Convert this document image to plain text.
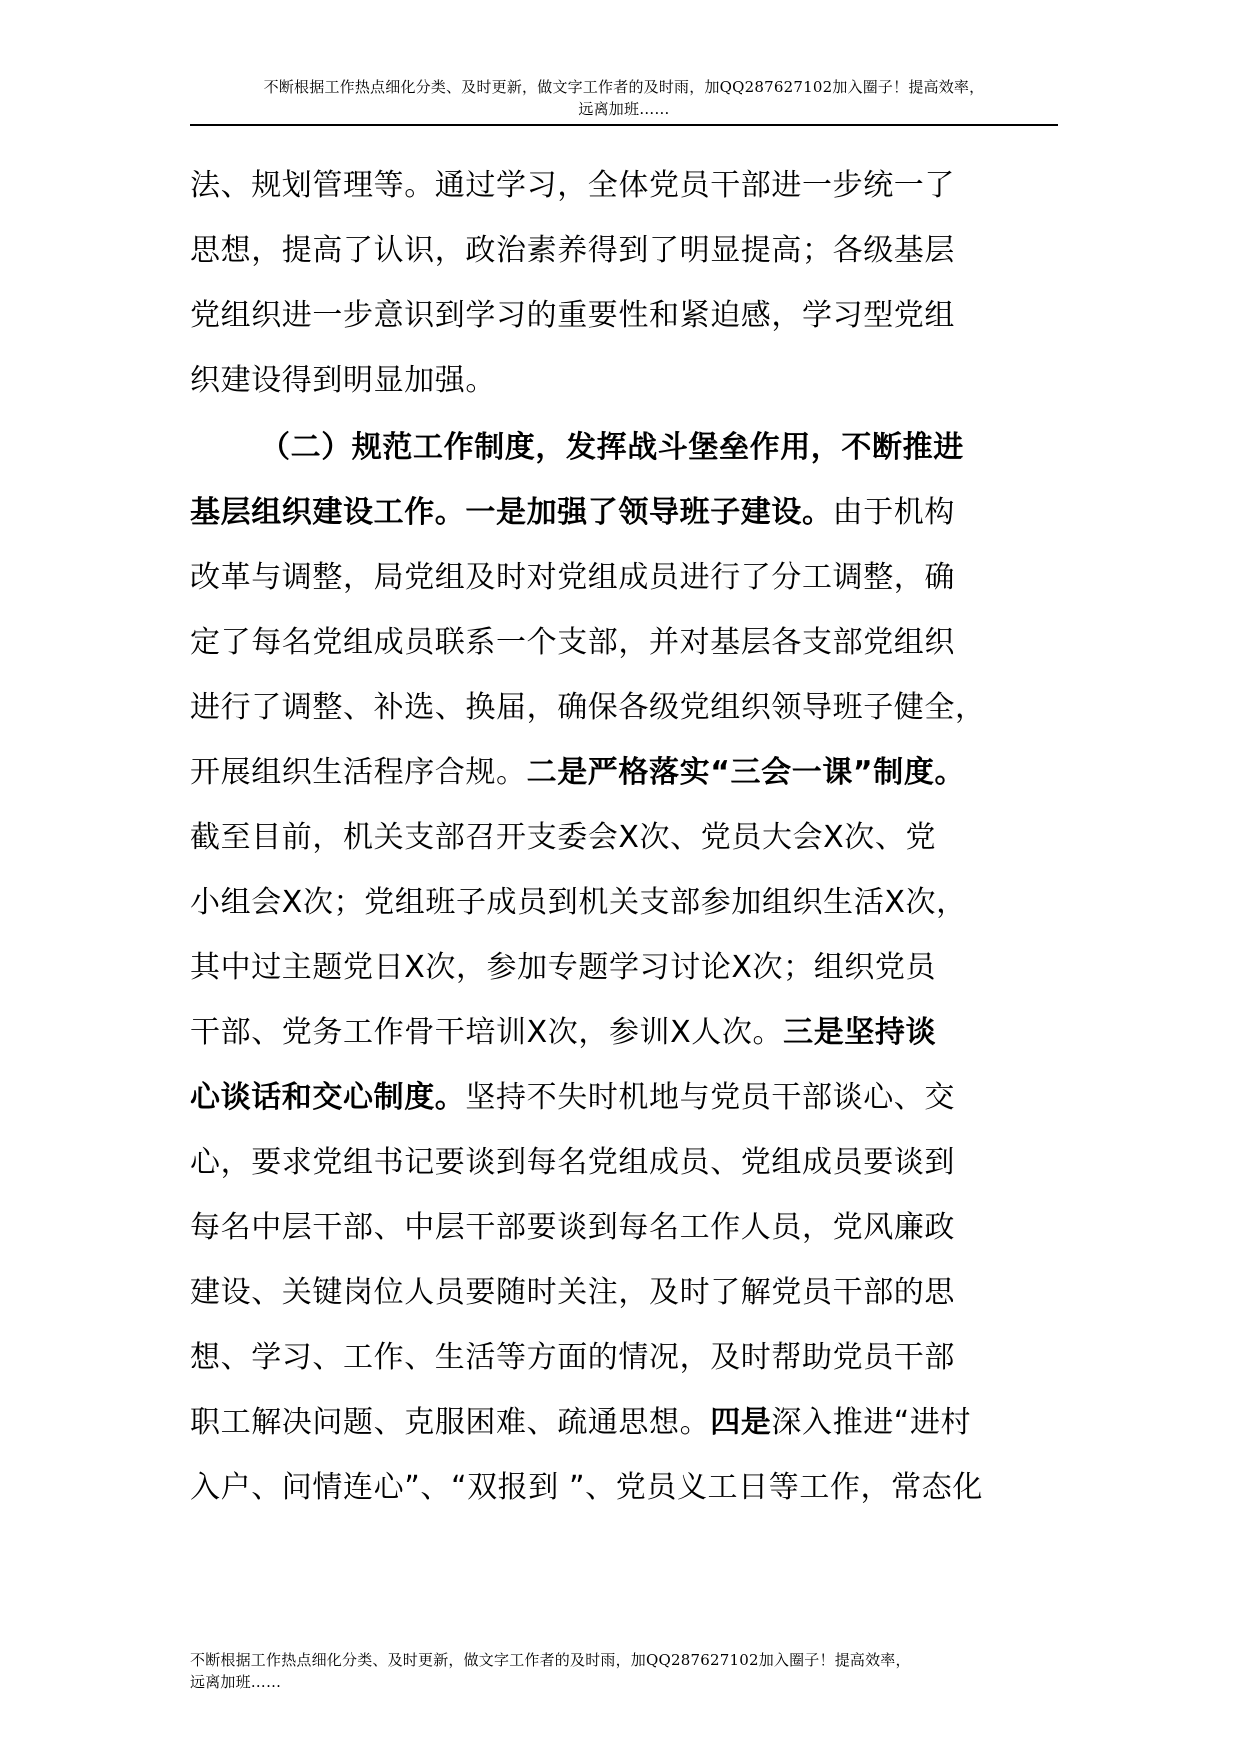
不断根据工作热点细化分类、及时更新，做文字工作者的及时雨，加QQ287627102加入圈子！提高效率，
远离加班……
法、规划管理等。通过学习，全体党员干部进一步统一了
思想，提高了认识，政治素养得到了明显提高；各级基层
党组织进一步意识到学习的重要性和紧迫感，学习型党组
织建设得到明显加强。
（二）规范工作制度，发挥战斗堡垒作用，不断推进
基层组织建设工作。一是加强了领导班子建设。由于机构
改革与调整，局党组及时对党组成员进行了分工调整，确
定了每名党组成员联系一个支部，并对基层各支部党组织
进行了调整、补选、换届，确保各级党组织领导班子健全，
开展组织生活程序合规。二是严格落实“三会一课”制度。
截至目前，机关支部召开支委会X次、党员大会X次、党
小组会X次；党组班子成员到机关支部参加组织生活X次，
其中过主题党日X次，参加专题学习讨论X次；组织党员
干部、党务工作骨干培训X次，参训X人次。三是坚持谈
心谈话和交心制度。坚持不失时机地与党员干部谈心、交
心，要求党组书记要谈到每名党组成员、党组成员要谈到
每名中层干部、中层干部要谈到每名工作人员，党风廉政
建设、关键岗位人员要随时关注，及时了解党员干部的思
想、学习、工作、生活等方面的情况，及时帮助党员干部
职工解决问题、克服困难、疏通思想。四是深入推进“进村
入户、问情连心”、“双报到 ”、党员义工日等工作，常态化
不断根据工作热点细化分类、及时更新，做文字工作者的及时雨，加QQ287627102加入圈子！提高效率，
远离加班……
